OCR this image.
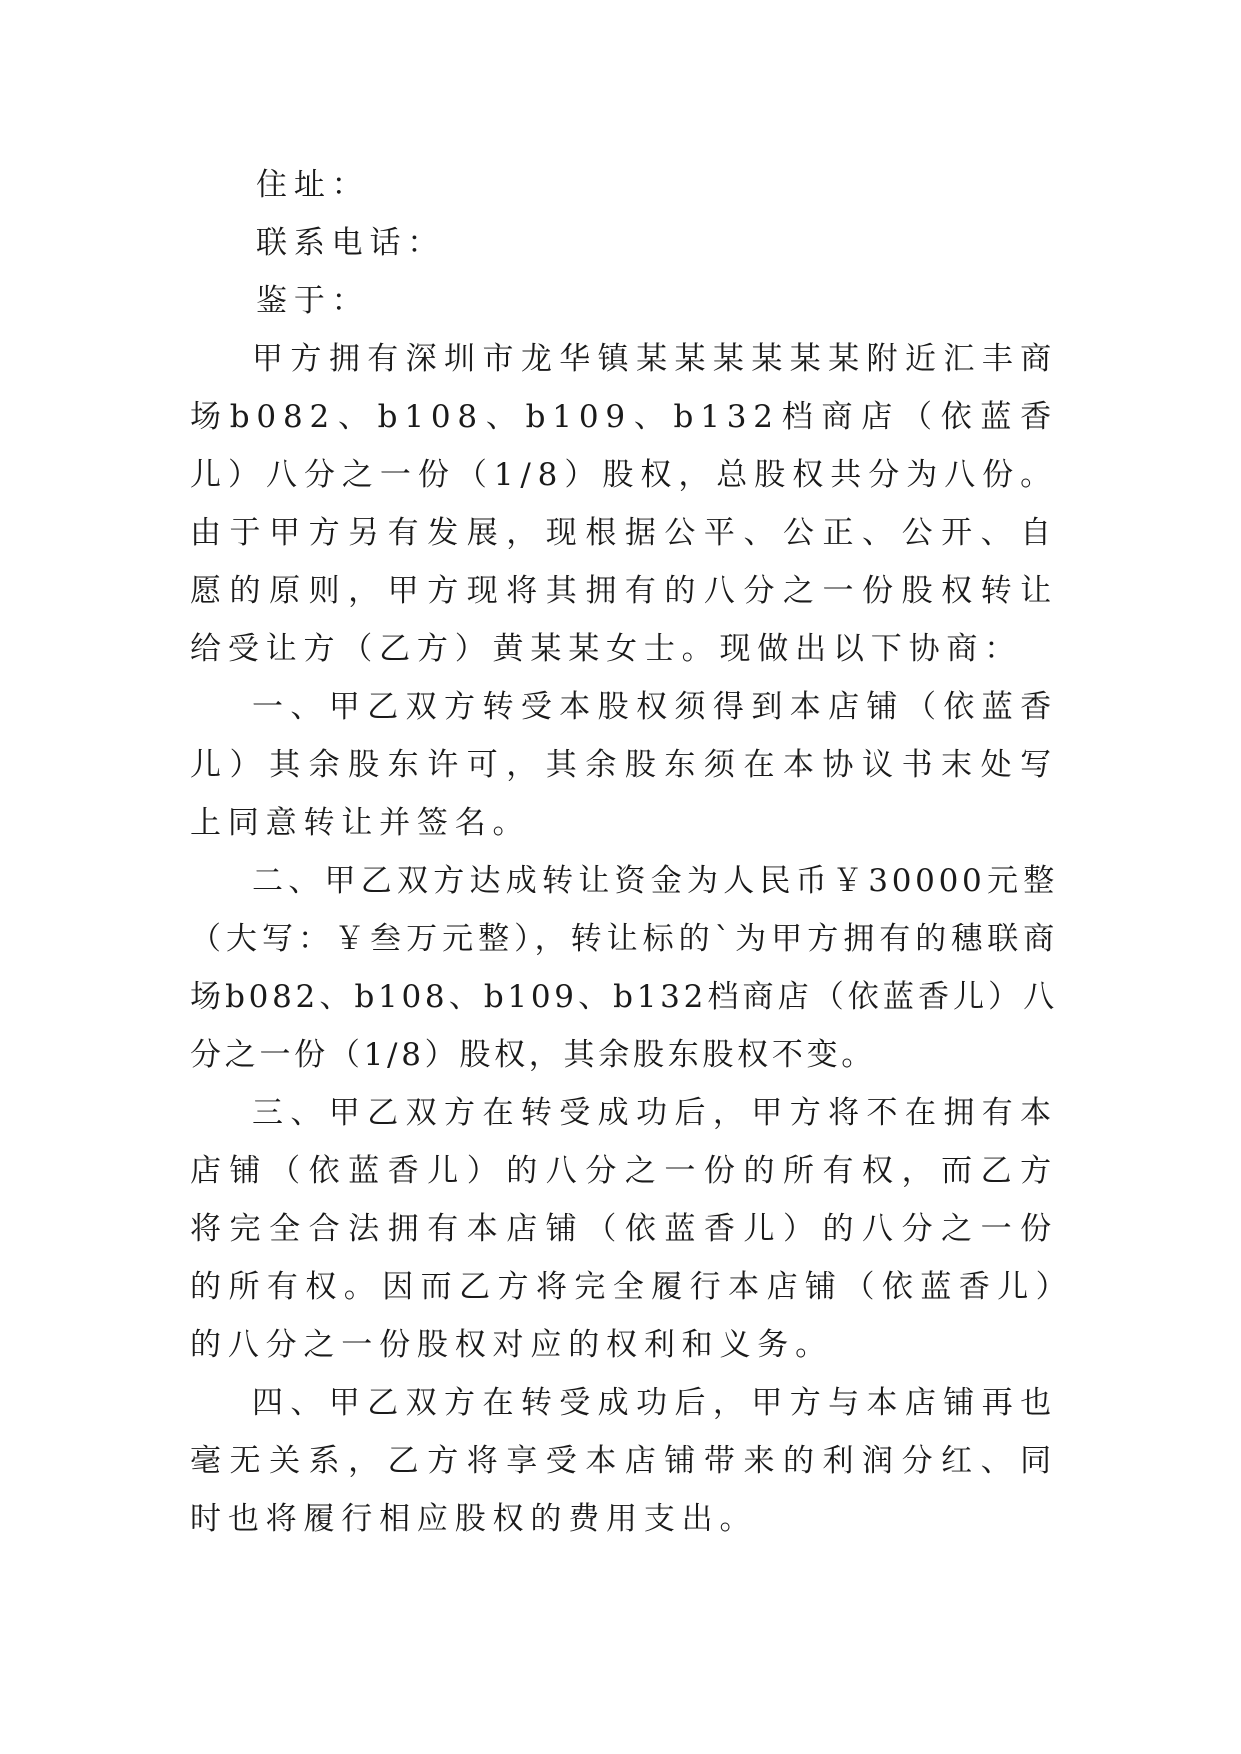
住址：
联系电话：
鉴于：

甲方拥有深圳市龙华镇某某某某某某附近汇丰商场b082、b108、b109、b132档商店（依蓝香儿）八分之一份（1/8）股权，总股权共分为八份。由于甲方另有发展，现根据公平、公正、公开、自愿的原则，甲方现将其拥有的八分之一份股权转让给受让方（乙方）黄某某女士。现做出以下协商：

一、甲乙双方转受本股权须得到本店铺（依蓝香儿）其余股东许可，其余股东须在本协议书末处写上同意转让并签名。

二、甲乙双方达成转让资金为人民币￥30000元整（大写：￥叁万元整），转让标的`为甲方拥有的穗联商场b082、b108、b109、b132档商店（依蓝香儿）八分之一份（1/8）股权，其余股东股权不变。

三、甲乙双方在转受成功后，甲方将不在拥有本店铺（依蓝香儿）的八分之一份的所有权，而乙方将完全合法拥有本店铺（依蓝香儿）的八分之一份的所有权。因而乙方将完全履行本店铺（依蓝香儿）的八分之一份股权对应的权利和义务。

四、甲乙双方在转受成功后，甲方与本店铺再也毫无关系，乙方将享受本店铺带来的利润分红、同时也将履行相应股权的费用支出。
